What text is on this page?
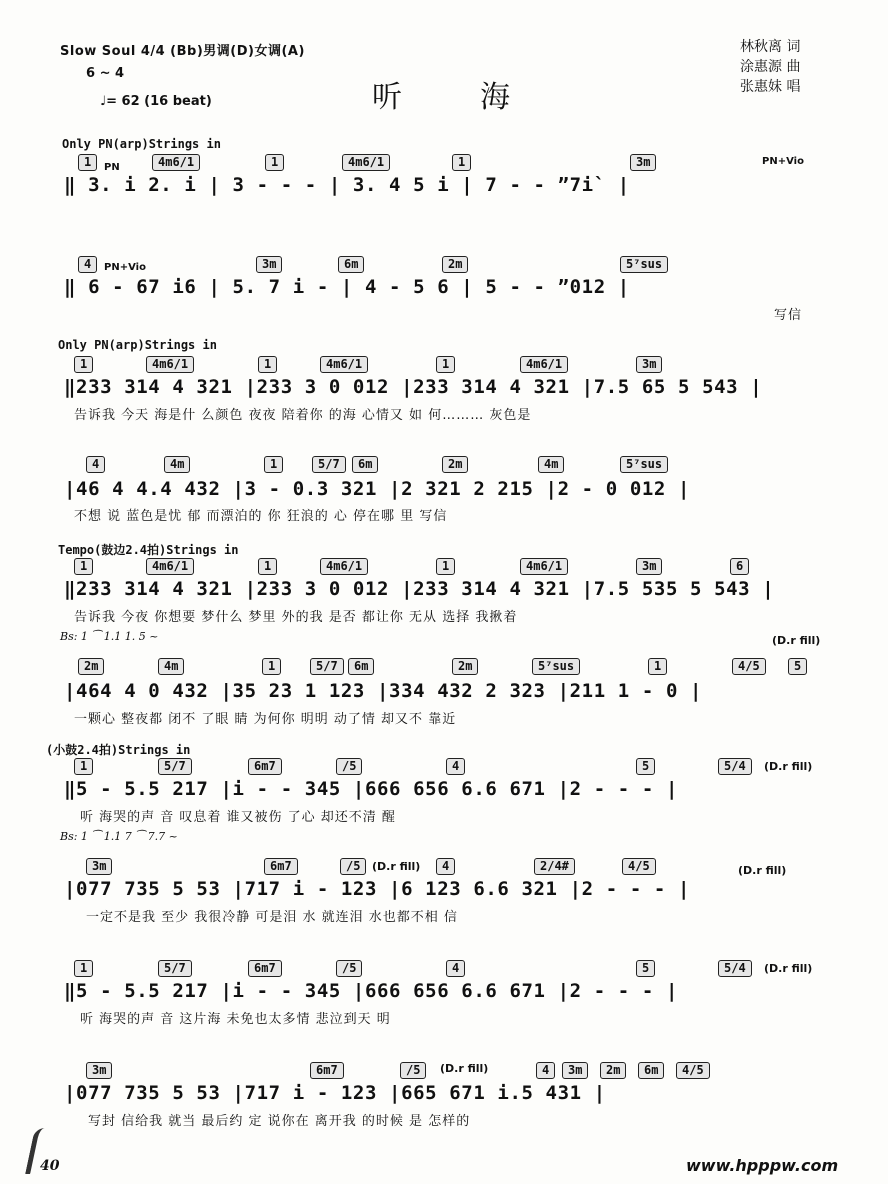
Slow Soul 4/4 (Bb)男调(D)女调(A)
6 ~ 4
♩= 62 (16 beat)	听	海
林秋离 词
涂惠源 曲
张惠妹 唱
Only PN(arp)Strings in
Only PN(arp)Strings in
Tempo(鼓边2.4拍)Strings in
(小鼓2.4拍)Strings in
1	PN	4m6/1	1	4m6/1	1	3m	PN+Vio
‖ 3. i 2. i | 3 - - - | 3. 4 5 i | 7 - - ”7i` |
4	PN+Vio	3m	6m	2m	5⁷sus
‖ 6 - 67 i6 | 5. 7 i - | 4 - 5 6 | 5 - - ”012 |
写信
1	4m6/1	1	4m6/1	1	4m6/1	3m
‖233 314 4 321 |233 3 0 012 |233 314 4 321 |7.5 65 5 543 |
告诉我 今天 海是什 么颜色 夜夜 陪着你 的海 心情又 如 何……… 灰色是
4	4m	1	5/7	6m	2m	4m	5⁷sus
|46 4 4.4 432 |3 - 0.3 321 |2 321 2 215 |2 - 0 012 |
不想 说 蓝色是忧 郁 而漂泊的 你 狂浪的 心 停在哪 里 写信
1	4m6/1	1	4m6/1	1	4m6/1	3m	6
‖233 314 4 321 |233 3 0 012 |233 314 4 321 |7.5 535 5 543 |
告诉我 今夜 你想要 梦什么 梦里 外的我 是否 都让你 无从 选择 我揪着
Bs: 1 ⁀ 1.1 1. 5 ~	(D.r fill)
2m	4m	1	5/7	6m	2m	5⁷sus	1	4/5	5
|464 4 0 432 |35 23 1 123 |334 432 2 323 |211 1 - 0 |
一颗心 整夜都 闭不 了眼 睛 为何你 明明 动了情 却又不 靠近
1	5/7	6m7	/5	4	5	5/4	(D.r fill)
‖5 - 5.5 217 |i - - 345 |666 656 6.6 671 |2 - - - |
听 海哭的声 音 叹息着 谁又被伤 了心 却还不清 醒
Bs: 1 ⁀ 1.1 7 ⁀ 7.7 ~
3m	6m7	/5	(D.r fill)	4	2/4#	4/5	(D.r fill)
|077 735 5 53 |717 i - 123 |6 123 6.6 321 |2 - - - |
一定不是我 至少 我很冷静 可是泪 水 就连泪 水也都不相 信
1	5/7	6m7	/5	4	5	5/4	(D.r fill)
‖5 - 5.5 217 |i - - 345 |666 656 6.6 671 |2 - - - |
听 海哭的声 音 这片海 未免也太多情 悲泣到天 明
3m	6m7	/5	(D.r fill)	4	3m	2m	6m	4/5
|077 735 5 53 |717 i - 123 |665 671 i.5 431 |
写封 信给我 就当 最后约 定 说你在 离开我 的时候 是 怎样的
40	www.hpppw.com
